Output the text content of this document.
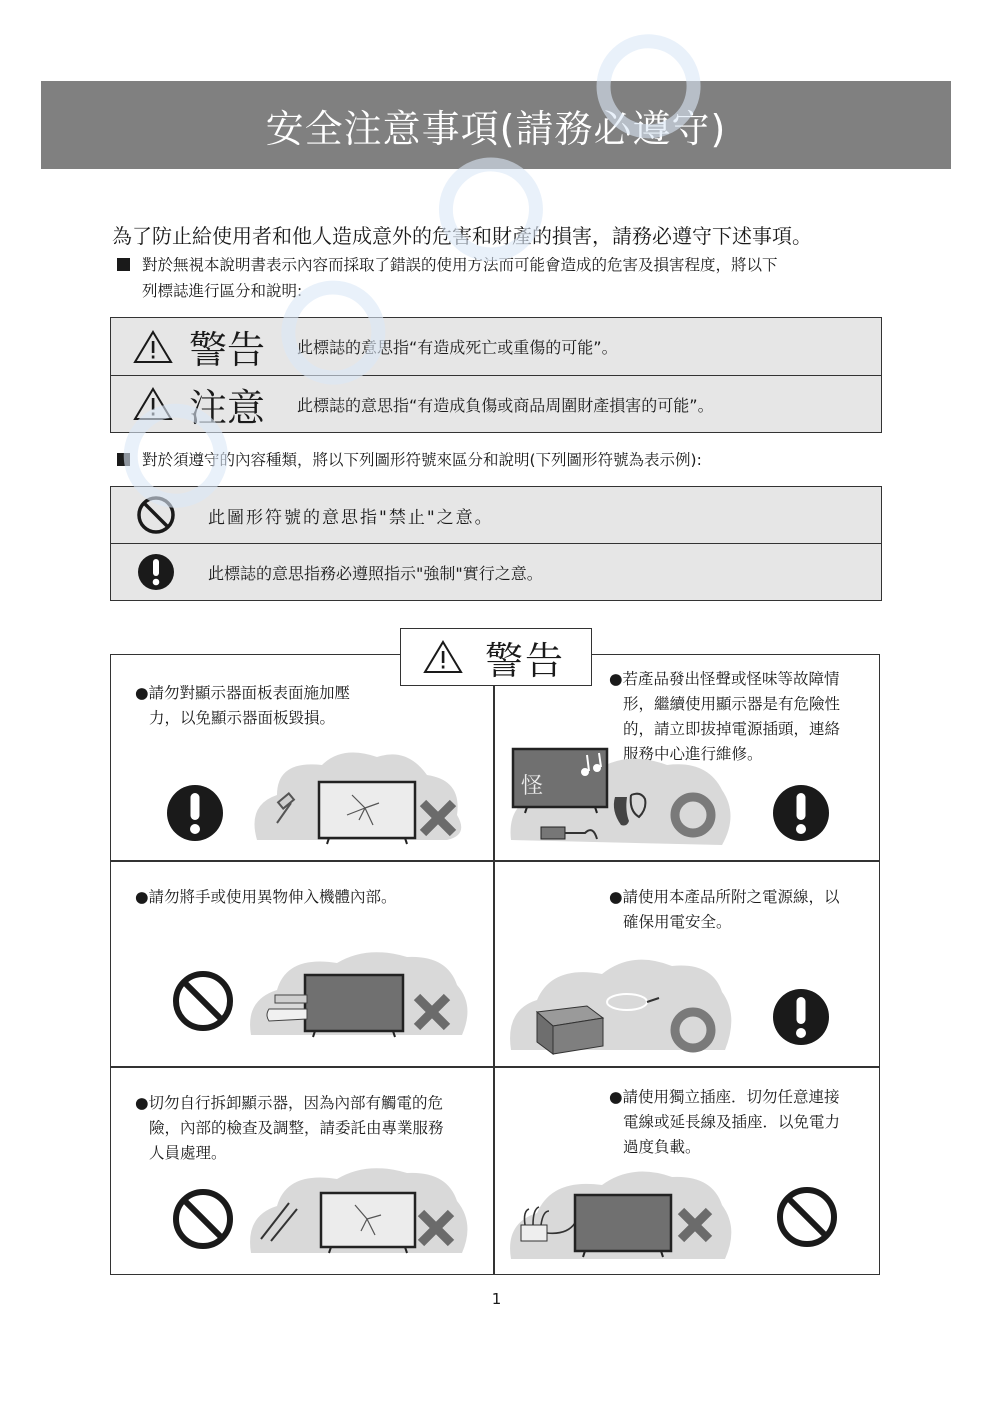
安全注意事項(請務必遵守)
為了防止給使用者和他人造成意外的危害和財產的損害，請務必遵守下述事項。
對於無視本說明書表示內容而採取了錯誤的使用方法而可能會造成的危害及損害程度，將以下
列標誌進行區分和說明:
警告	此標誌的意思指“有造成死亡或重傷的可能”。
注意	此標誌的意思指“有造成負傷或商品周圍財產損害的可能”。
對於須遵守的內容種類，將以下列圖形符號來區分和說明(下列圖形符號為表示例):
此圖形符號的意思指"禁止"之意。
此標誌的意思指務必遵照指示"強制"實行之意。
●請勿對顯示器面板表面施加壓
力，以免顯示器面板毀損。
●若產品發出怪聲或怪味等故障情
形，繼續使用顯示器是有危險性
的，請立即拔掉電源插頭，連絡
服務中心進行維修。
怪
●請勿將手或使用異物伸入機體內部。	●請使用本產品所附之電源線，以
確保用電安全。
●切勿自行拆卸顯示器，因為內部有觸電的危
險，內部的檢查及調整，請委託由專業服務
人員處理。
●請使用獨立插座．切勿任意連接
電線或延長線及插座．以免電力
過度負載。
警告
1
